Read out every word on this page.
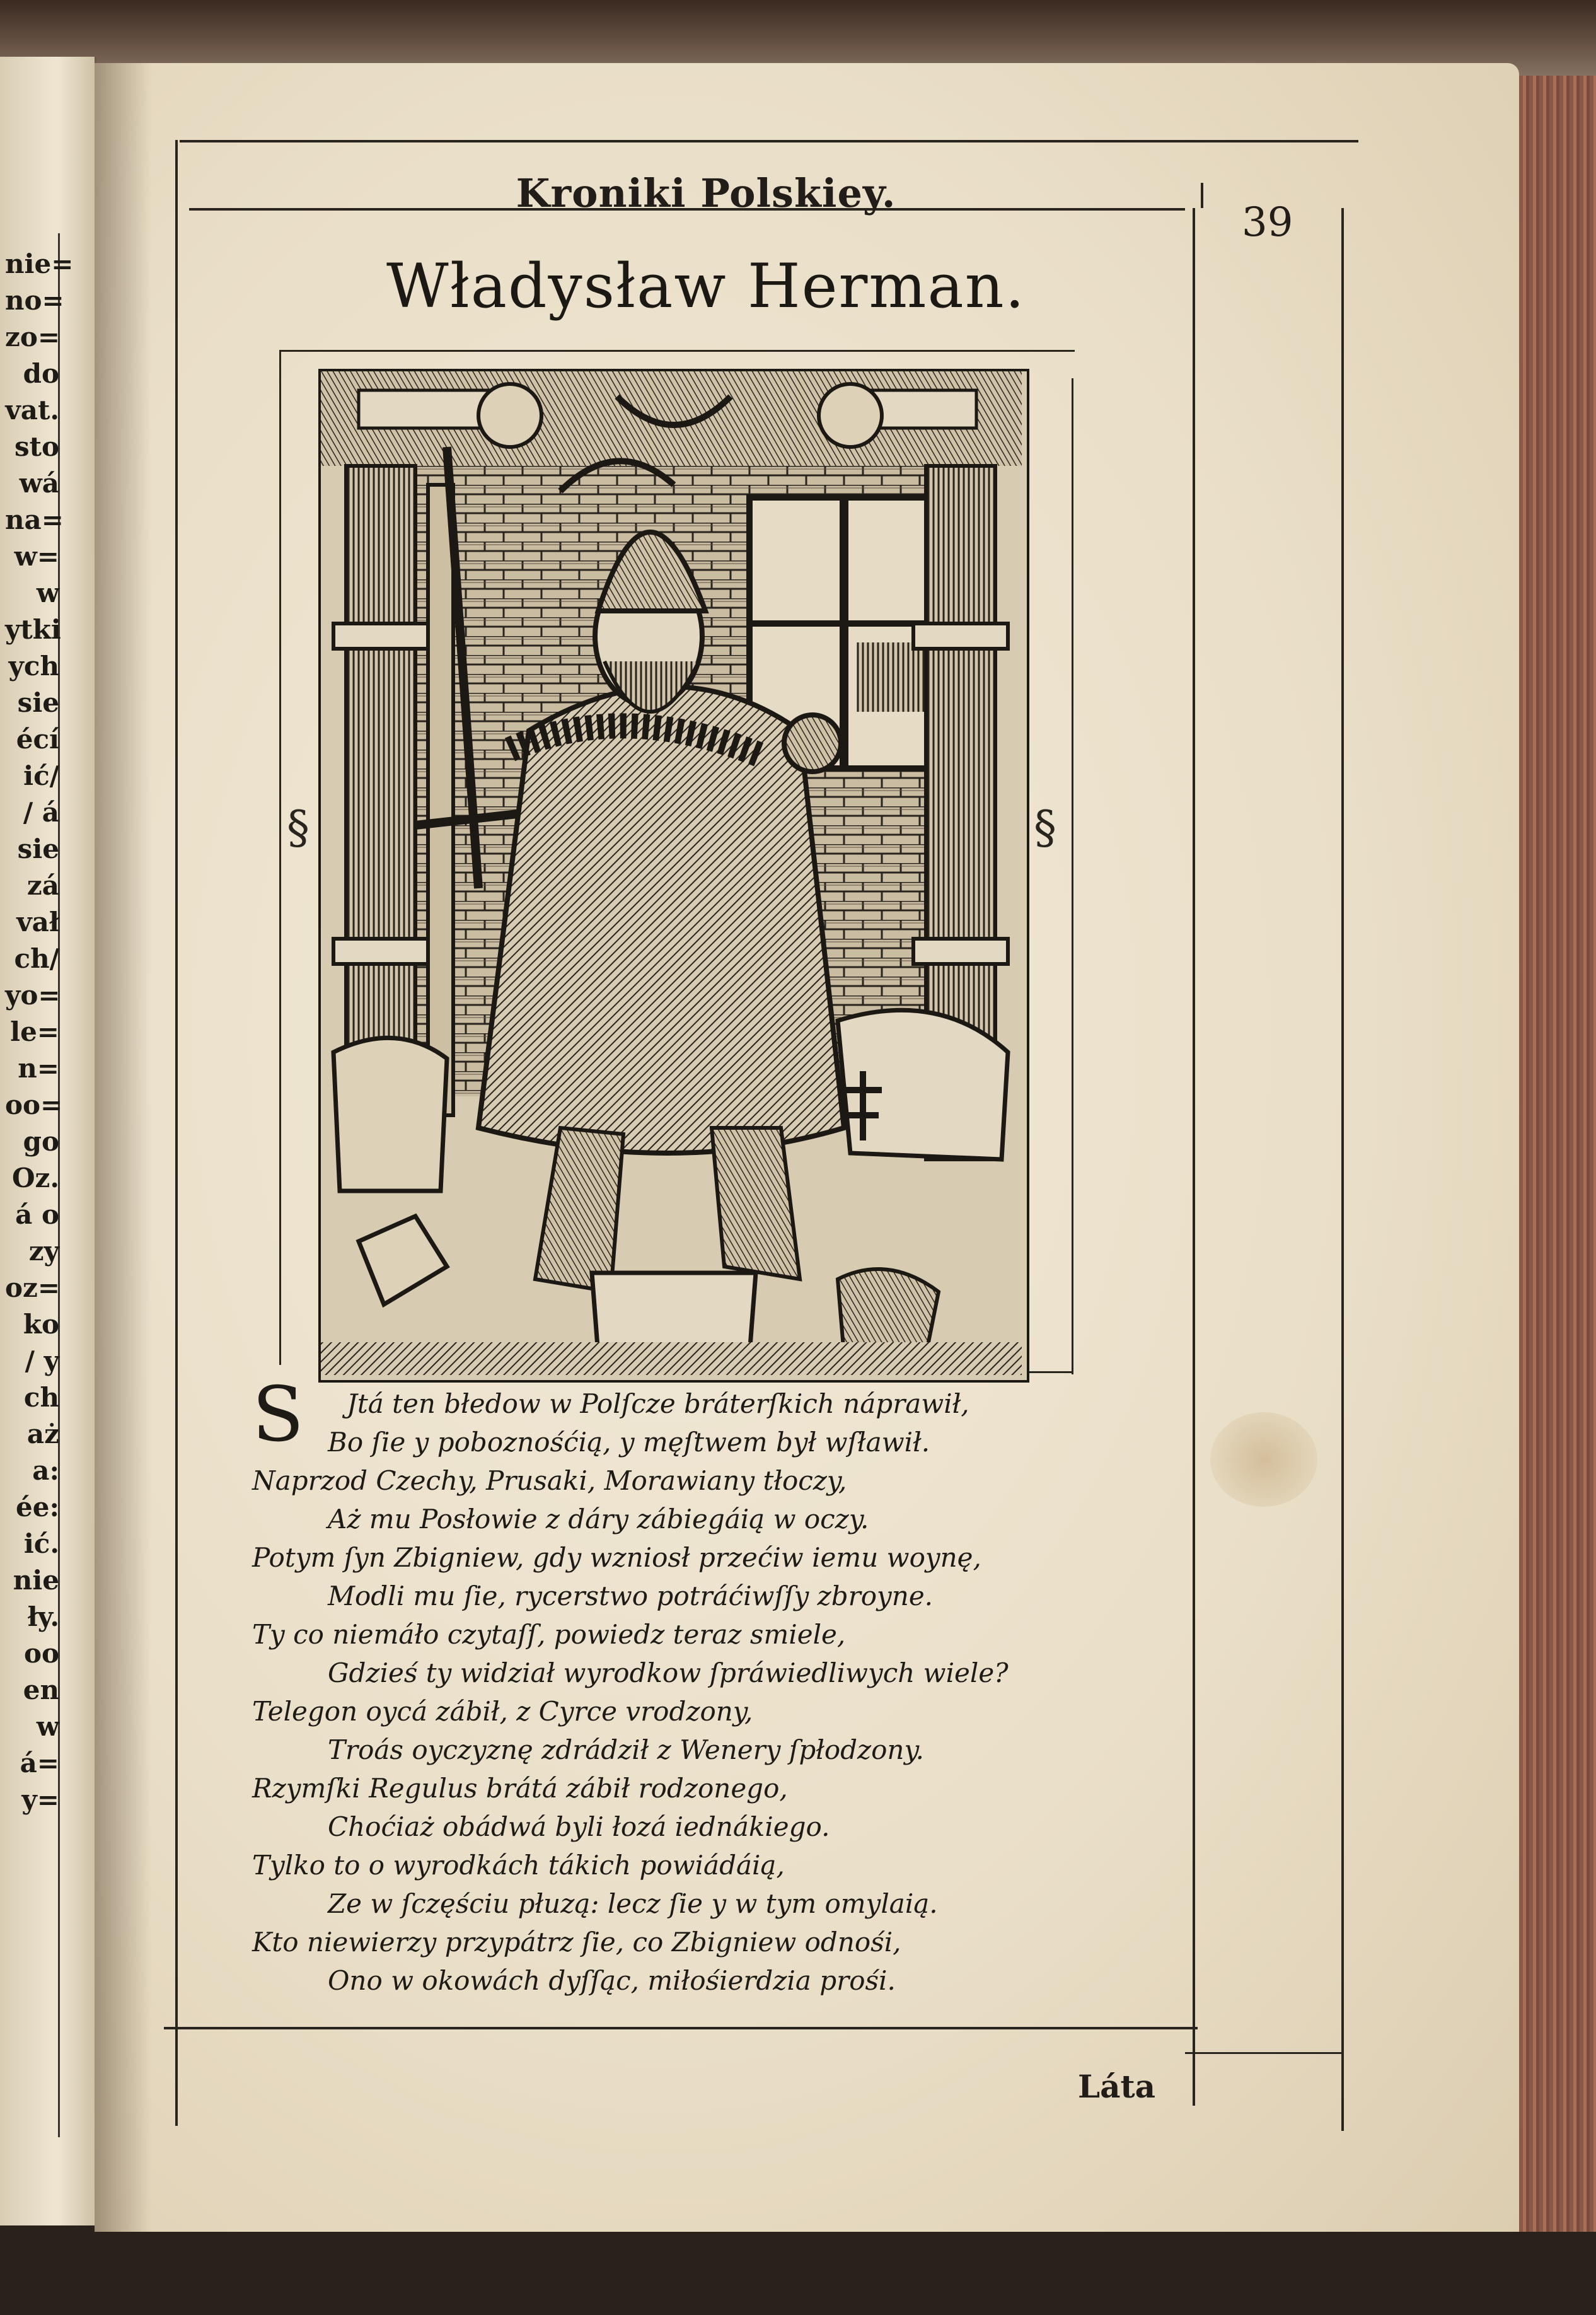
nie=
no=
zo=
do
vat.
sto
wá
na=
w=
w
ytki
ych
sie
écí
ić/
/ á
sie
zá
vał
ch/
yo=
le=
n=
oo=
go
Oz.
á o
zy
oz=
ko
/ y
ch
aż
a:
ée:
ić.
nie
ły.
oo
en
w
á=
y=
Kroniki Polskiey.
39
Władysław Herman.
§	§
S Jtá ten błedow w Polſcze bráterſkich náprawił,
Bo ſie y poboznośćią, y męſtwem był wſławił.
Naprzod Czechy, Prusaki, Morawiany tłoczy,
Aż mu Posłowie z dáry zábiegáią w oczy.
Potym ſyn Zbigniew, gdy wzniosł przećiw iemu woynę,
Modli mu ſie, rycerstwo potráćiwſſy zbroyne.
Ty co niemáło czytaſſ, powiedz teraz smiele,
Gdzieś ty widział wyrodkow ſpráwiedliwych wiele?
Telegon oycá zábił, z Cyrce vrodzony,
Troás oyczyznę zdrádził z Wenery ſpłodzony.
Rzymſki Regulus brátá zábił rodzonego,
Choćiaż obádwá byli łozá iednákiego.
Tylko to o wyrodkách tákich powiádáią,
Ze w ſczęściu płuzą: lecz ſie y w tym omylaią.
Kto niewierzy przypátrz ſie, co Zbigniew odnośi,
Ono w okowách dyſſąc, miłośierdzia prośi.
Láta
